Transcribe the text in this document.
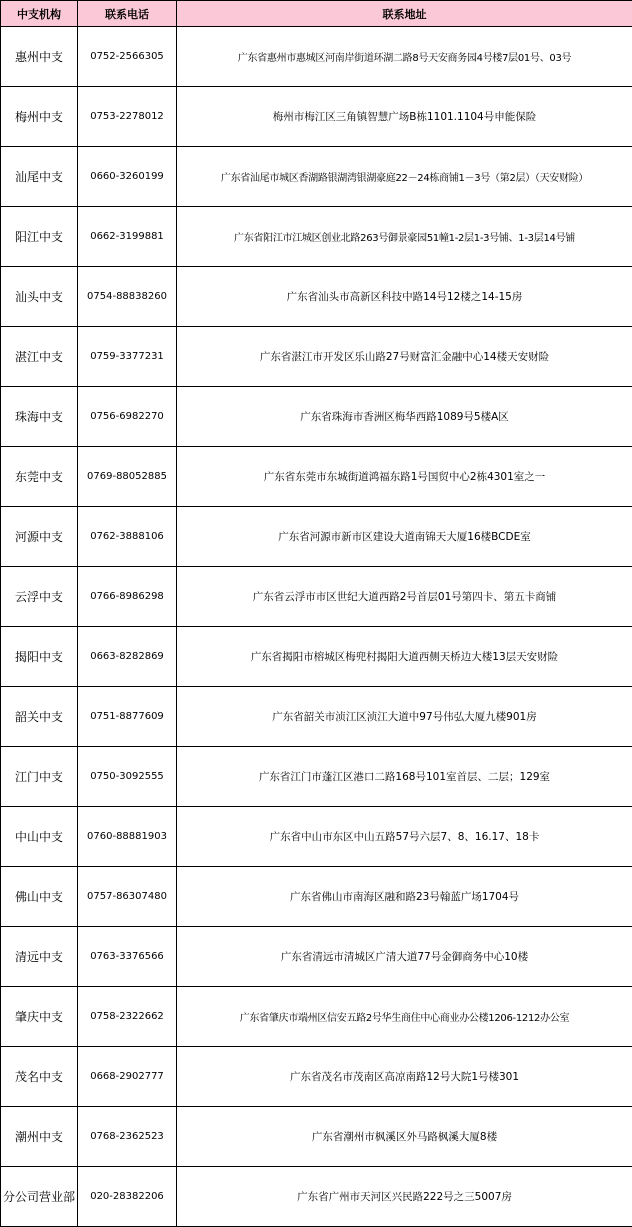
中支机构	联系电话	联系地址
惠州中支	0752-2566305	广东省惠州市惠城区河南岸街道环湖二路8号天安商务园4号楼7层01号、03号
梅州中支	0753-2278012	梅州市梅江区三角镇智慧广场B栋1101.1104号申能保险
汕尾中支	0660-3260199	广东省汕尾市城区香湖路银湖湾银湖豪庭22－24栋商铺1－3号（第2层）（天安财险）
阳江中支	0662-3199881	广东省阳江市江城区创业北路263号御景豪园51幢1-2层1-3号铺、1-3层14号铺
汕头中支	0754-88838260	广东省汕头市高新区科技中路14号12楼之14-15房
湛江中支	0759-3377231	广东省湛江市开发区乐山路27号财富汇金融中心14楼天安财险
珠海中支	0756-6982270	广东省珠海市香洲区梅华西路1089号5楼A区
东莞中支	0769-88052885	广东省东莞市东城街道鸿福东路1号国贸中心2栋4301室之一
河源中支	0762-3888106	广东省河源市新市区建设大道南锦天大厦16楼BCDE室
云浮中支	0766-8986298	广东省云浮市市区世纪大道西路2号首层01号第四卡、第五卡商铺
揭阳中支	0663-8282869	广东省揭阳市榕城区梅兜村揭阳大道西侧天桥边大楼13层天安财险
韶关中支	0751-8877609	广东省韶关市浈江区浈江大道中97号伟弘大厦九楼901房
江门中支	0750-3092555	广东省江门市蓬江区港口二路168号101室首层、二层；129室
中山中支	0760-88881903	广东省中山市东区中山五路57号六层7、8、16.17、18卡
佛山中支	0757-86307480	广东省佛山市南海区融和路23号翰蓝广场1704号
清远中支	0763-3376566	广东省清远市清城区广清大道77号金御商务中心10楼
肇庆中支	0758-2322662	广东省肇庆市端州区信安五路2号华生商住中心商业办公楼1206-1212办公室
茂名中支	0668-2902777	广东省茂名市茂南区高凉南路12号大院1号楼301
潮州中支	0768-2362523	广东省潮州市枫溪区外马路枫溪大厦8楼
分公司营业部	020-28382206	广东省广州市天河区兴民路222号之三5007房
